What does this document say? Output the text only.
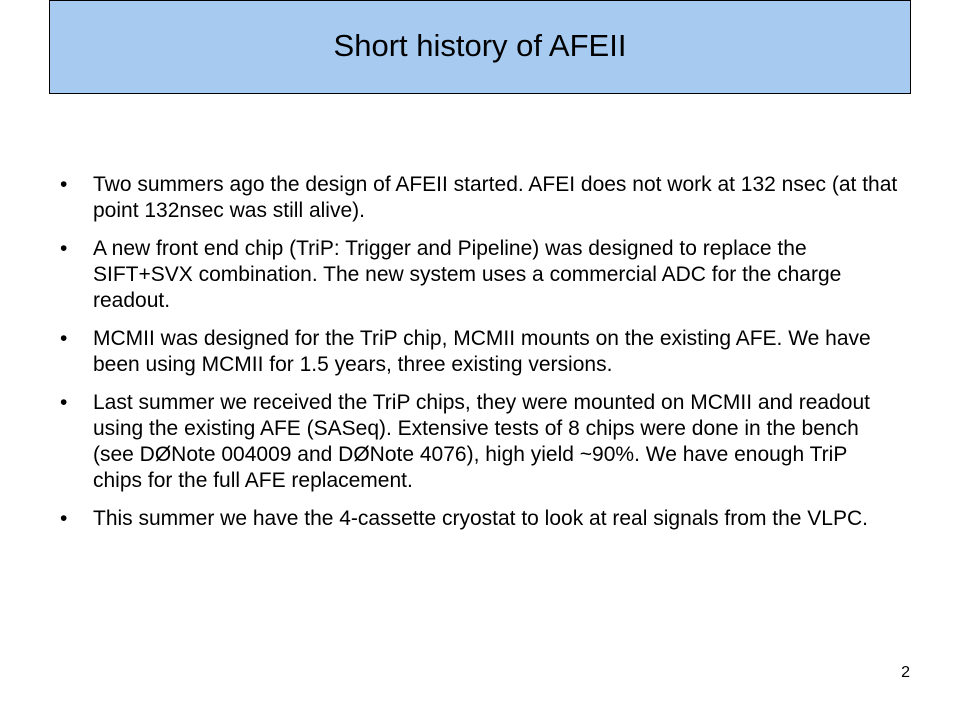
Short history of AFEII
• Two summers ago the design of AFEII started. AFEI does not work at 132 nsec (at that point 132nsec was still alive).
• A new front end chip (TriP: Trigger and Pipeline) was designed to replace the SIFT+SVX combination. The new system uses a commercial ADC for the charge readout.
• MCMII was designed for the TriP chip, MCMII mounts on the existing AFE. We have been using MCMII for 1.5 years, three existing versions.
• Last summer we received the TriP chips, they were mounted on MCMII and readout using the existing AFE (SASeq). Extensive tests of 8 chips were done in the bench (see DØNote 004009 and DØNote 4076), high yield ~90%. We have enough TriP chips for the full AFE replacement.
• This summer we have the 4-cassette cryostat to look at real signals from the VLPC.
2
